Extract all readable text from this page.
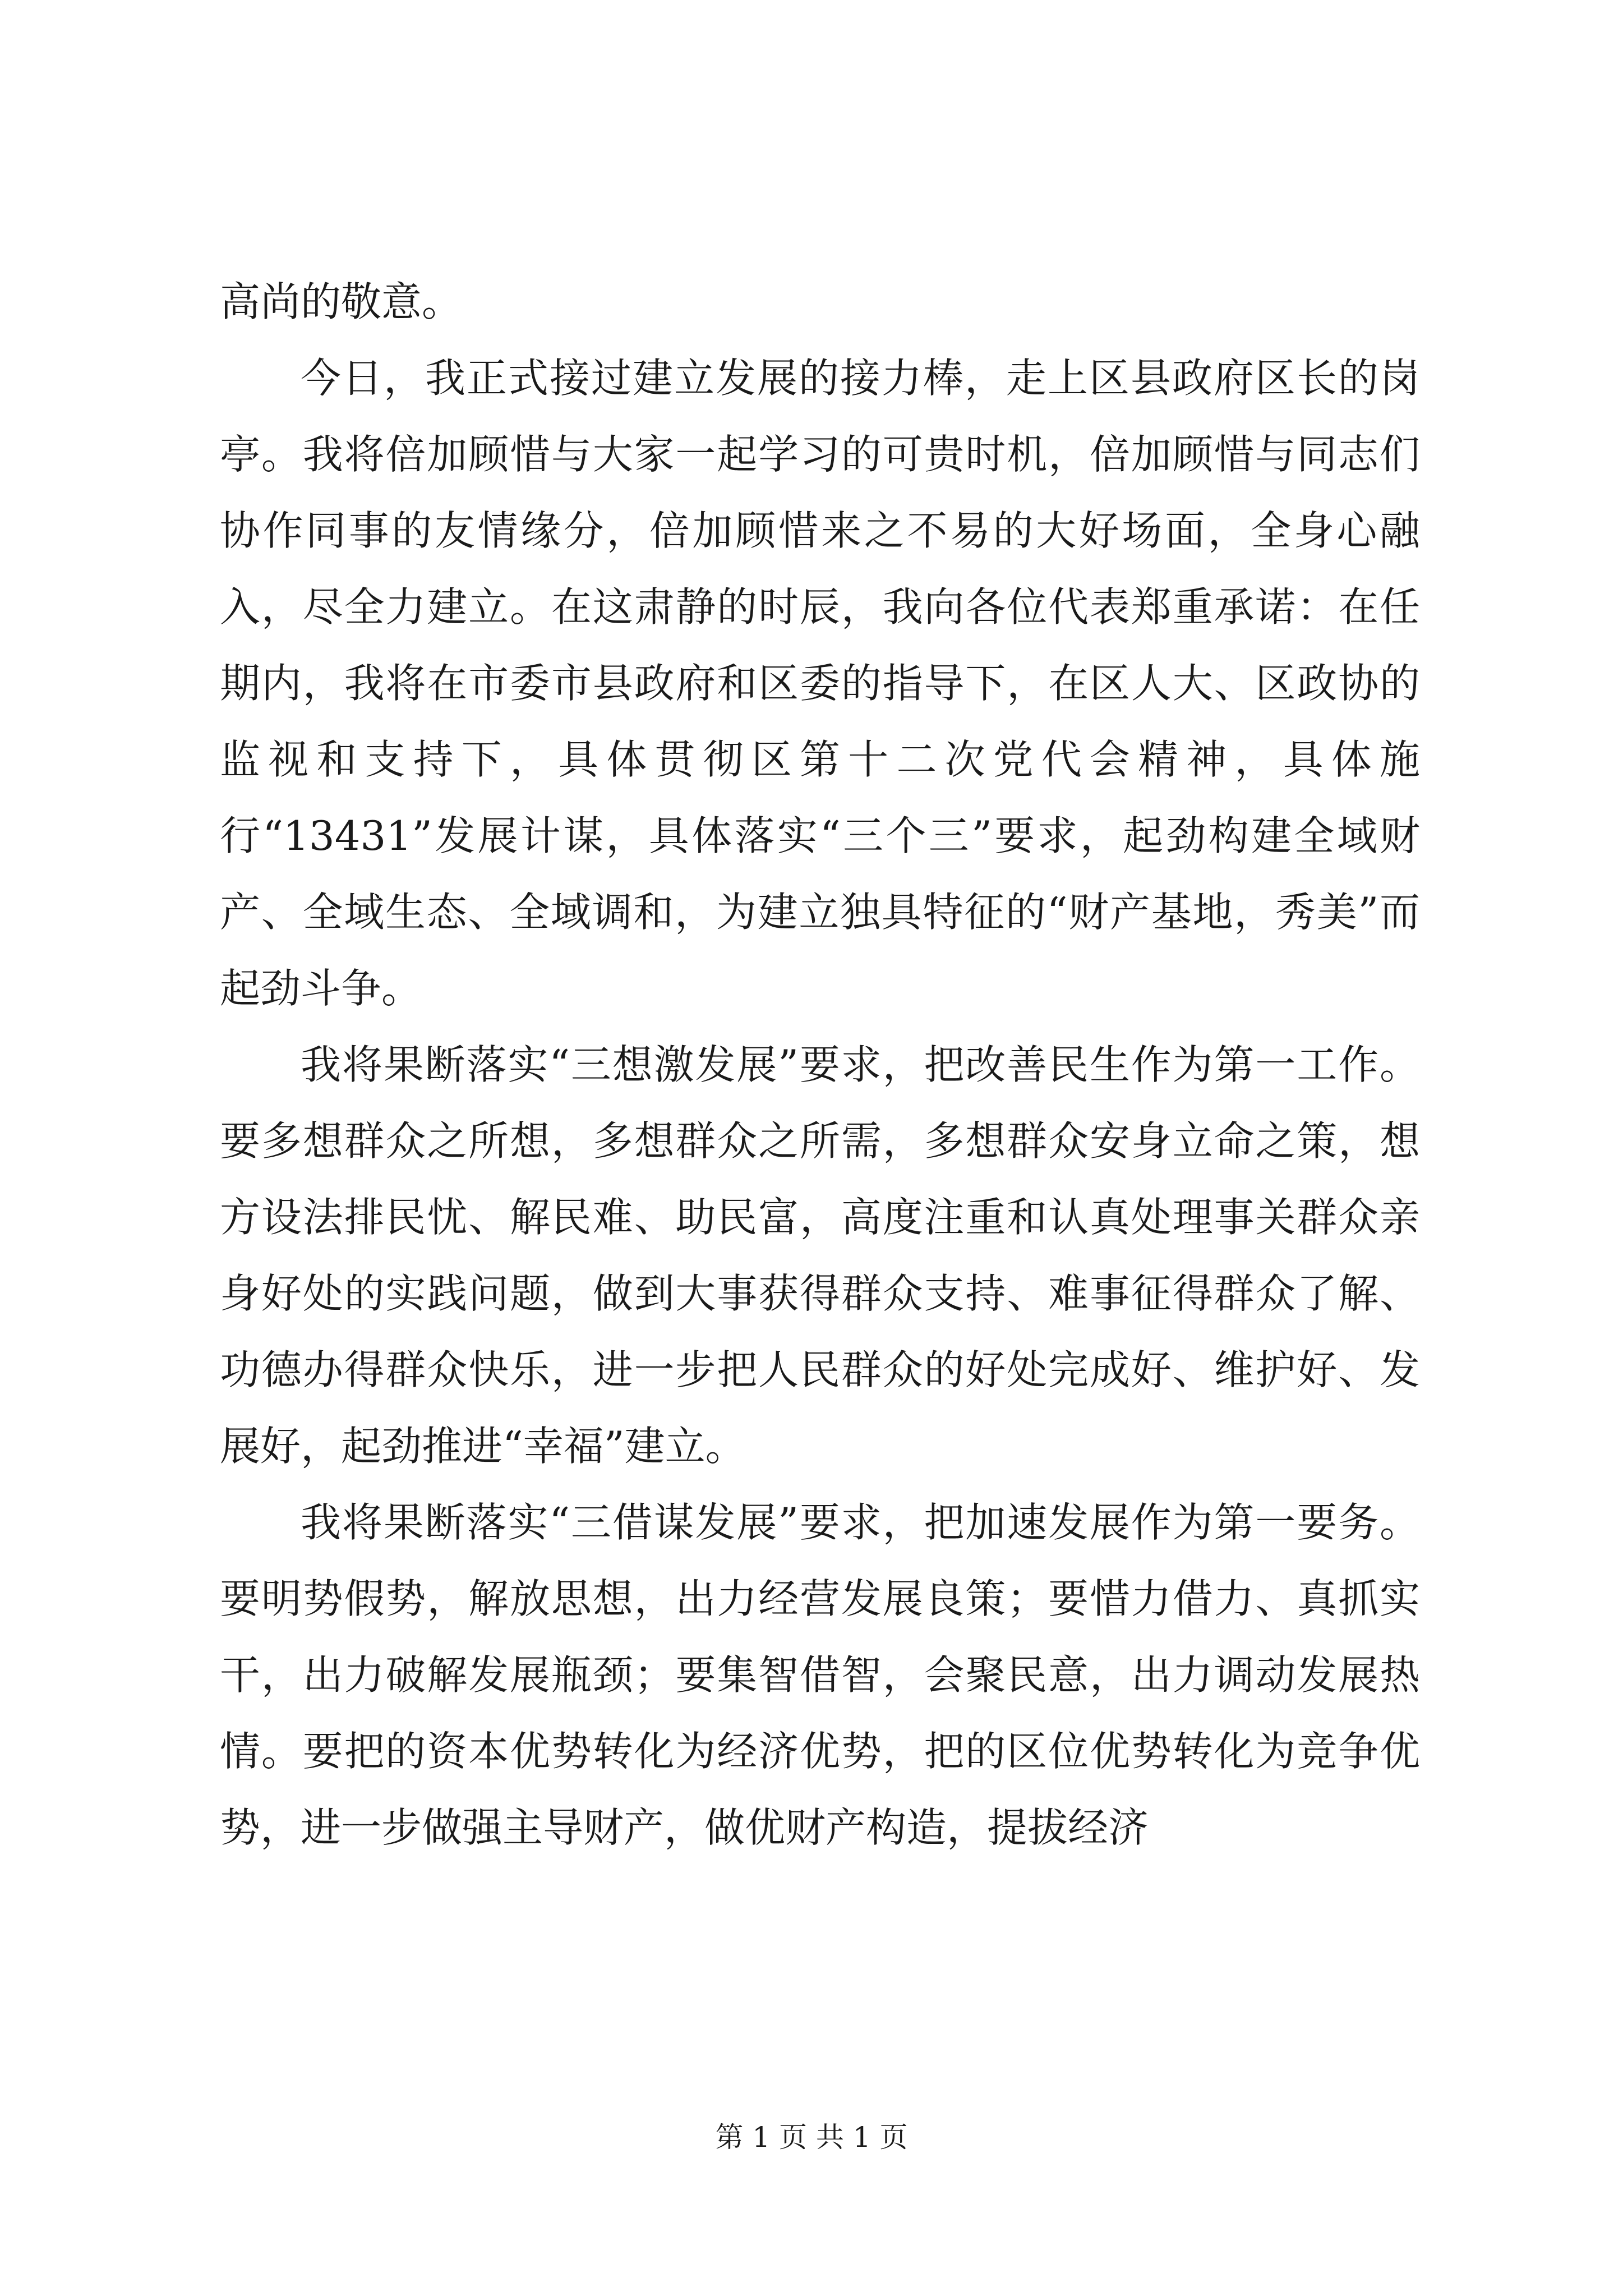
高尚的敬意。

今日，我正式接过建立发展的接力棒，走上区县政府区长的岗亭。我将倍加顾惜与大家一起学习的可贵时机，倍加顾惜与同志们协作同事的友情缘分，倍加顾惜来之不易的大好场面，全身心融入，尽全力建立。在这肃静的时辰，我向各位代表郑重承诺：在任期内，我将在市委市县政府和区委的指导下，在区人大、区政协的监视和支持下，具体贯彻区第十二次党代会精神，具体施行“13431”发展计谋，具体落实“三个三”要求，起劲构建全域财产、全域生态、全域调和，为建立独具特征的“财产基地，秀美”而起劲斗争。

我将果断落实“三想激发展”要求，把改善民生作为第一工作。要多想群众之所想，多想群众之所需，多想群众安身立命之策，想方设法排民忧、解民难、助民富，高度注重和认真处理事关群众亲身好处的实践问题，做到大事获得群众支持、难事征得群众了解、功德办得群众快乐，进一步把人民群众的好处完成好、维护好、发展好，起劲推进“幸福”建立。

我将果断落实“三借谋发展”要求，把加速发展作为第一要务。要明势假势，解放思想，出力经营发展良策；要惜力借力、真抓实干，出力破解发展瓶颈；要集智借智，会聚民意，出力调动发展热情。要把的资本优势转化为经济优势，把的区位优势转化为竞争优势，进一步做强主导财产，做优财产构造，提拔经济

第 1 页 共 1 页
